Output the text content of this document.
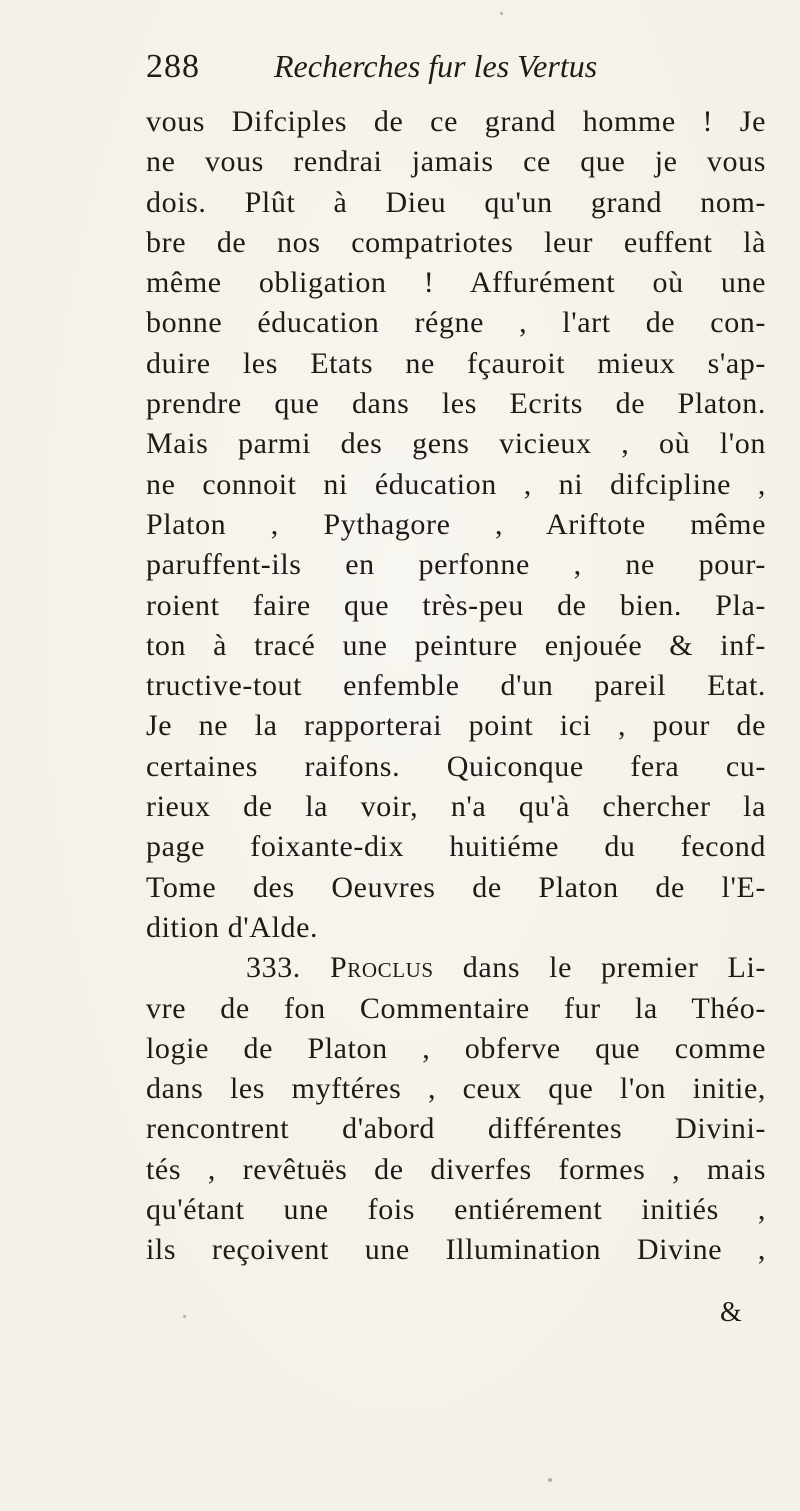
288 Recherches fur les Vertus
vous Difciples de ce grand homme ! Je
ne vous rendrai jamais ce que je vous
dois. Plût à Dieu qu'un grand nom-
bre de nos compatriotes leur euffent là
même obligation ! Affurément où une
bonne éducation régne , l'art de con-
duire les Etats ne fçauroit mieux s'ap-
prendre que dans les Ecrits de Platon.
Mais parmi des gens vicieux , où l'on
ne connoit ni éducation , ni difcipline ,
Platon , Pythagore , Ariftote même
paruffent-ils en perfonne , ne pour-
roient faire que très-peu de bien. Pla-
ton à tracé une peinture enjouée & inf-
tructive-tout enfemble d'un pareil Etat.
Je ne la rapporterai point ici , pour de
certaines raifons. Quiconque fera cu-
rieux de la voir, n'a qu'à chercher la
page foixante-dix huitiéme du fecond
Tome des Oeuvres de Platon de l'E-
dition d'Alde.
333. Proclus dans le premier Li-
vre de fon Commentaire fur la Théo-
logie de Platon , obferve que comme
dans les myftéres , ceux que l'on initie,
rencontrent d'abord différentes Divini-
tés , revêtuës de diverfes formes , mais
qu'étant une fois entiérement initiés ,
ils reçoivent une Illumination Divine ,
&
